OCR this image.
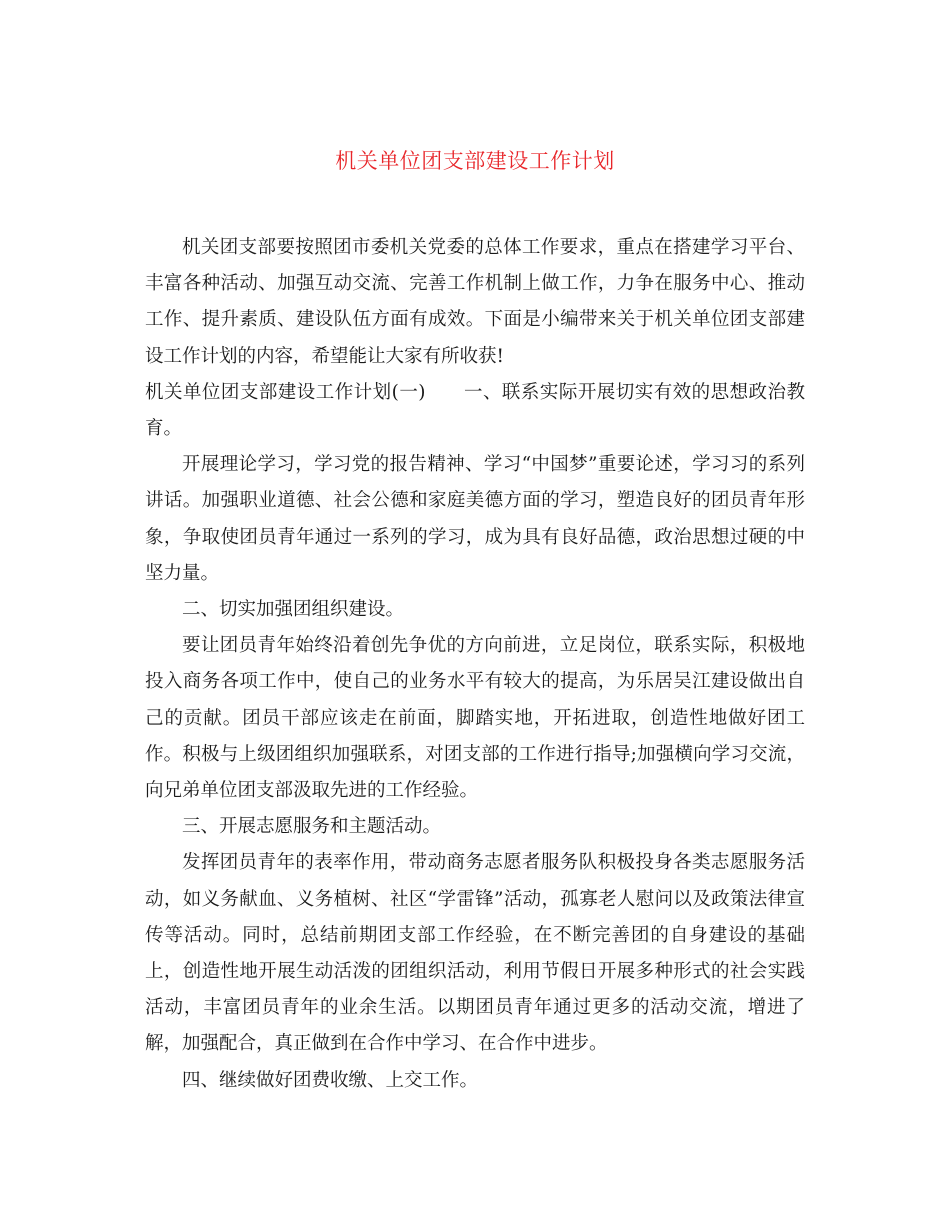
机关单位团支部建设工作计划

机关团支部要按照团市委机关党委的总体工作要求，重点在搭建学习平台、丰富各种活动、加强互动交流、完善工作机制上做工作，力争在服务中心、推动工作、提升素质、建设队伍方面有成效。下面是小编带来关于机关单位团支部建设工作计划的内容，希望能让大家有所收获!

机关单位团支部建设工作计划(一) 一、联系实际开展切实有效的思想政治教育。

开展理论学习，学习党的报告精神、学习“中国梦”重要论述，学习习的系列讲话。加强职业道德、社会公德和家庭美德方面的学习，塑造良好的团员青年形象，争取使团员青年通过一系列的学习，成为具有良好品德，政治思想过硬的中坚力量。

二、切实加强团组织建设。

要让团员青年始终沿着创先争优的方向前进，立足岗位，联系实际，积极地投入商务各项工作中，使自己的业务水平有较大的提高，为乐居吴江建设做出自己的贡献。团员干部应该走在前面，脚踏实地，开拓进取，创造性地做好团工作。积极与上级团组织加强联系，对团支部的工作进行指导;加强横向学习交流，向兄弟单位团支部汲取先进的工作经验。

三、开展志愿服务和主题活动。

发挥团员青年的表率作用，带动商务志愿者服务队积极投身各类志愿服务活动，如义务献血、义务植树、社区“学雷锋”活动，孤寡老人慰问以及政策法律宣传等活动。同时，总结前期团支部工作经验，在不断完善团的自身建设的基础上，创造性地开展生动活泼的团组织活动，利用节假日开展多种形式的社会实践活动，丰富团员青年的业余生活。以期团员青年通过更多的活动交流，增进了解，加强配合，真正做到在合作中学习、在合作中进步。

四、继续做好团费收缴、上交工作。
